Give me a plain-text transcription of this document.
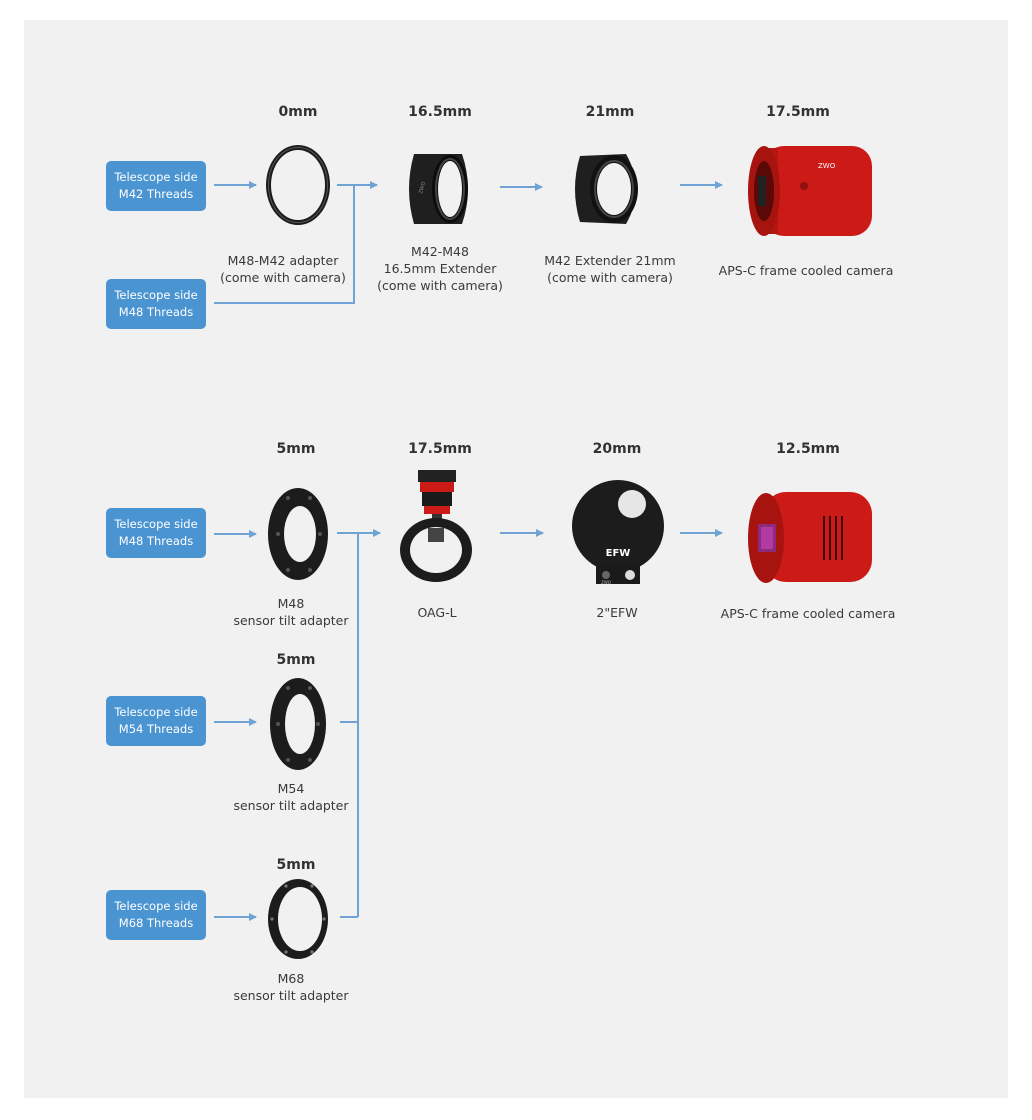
0mm	16.5mm	21mm	17.5mm
Telescope side
M42 Threads
Telescope side
M48 Threads
ZWO
ZWO
M48-M42 adapter
(come with camera)
M42-M48
16.5mm Extender
(come with camera)
M42 Extender 21mm
(come with camera)	APS-C frame cooled camera
5mm	17.5mm	20mm	12.5mm
Telescope side
M48 Threads
Telescope side
M54 Threads
Telescope side
M68 Threads
EFW
ZWO
M48
sensor tilt adapter
OAG-L	2"EFW	APS-C frame cooled camera
5mm
M54
sensor tilt adapter
5mm
M68
sensor tilt adapter
